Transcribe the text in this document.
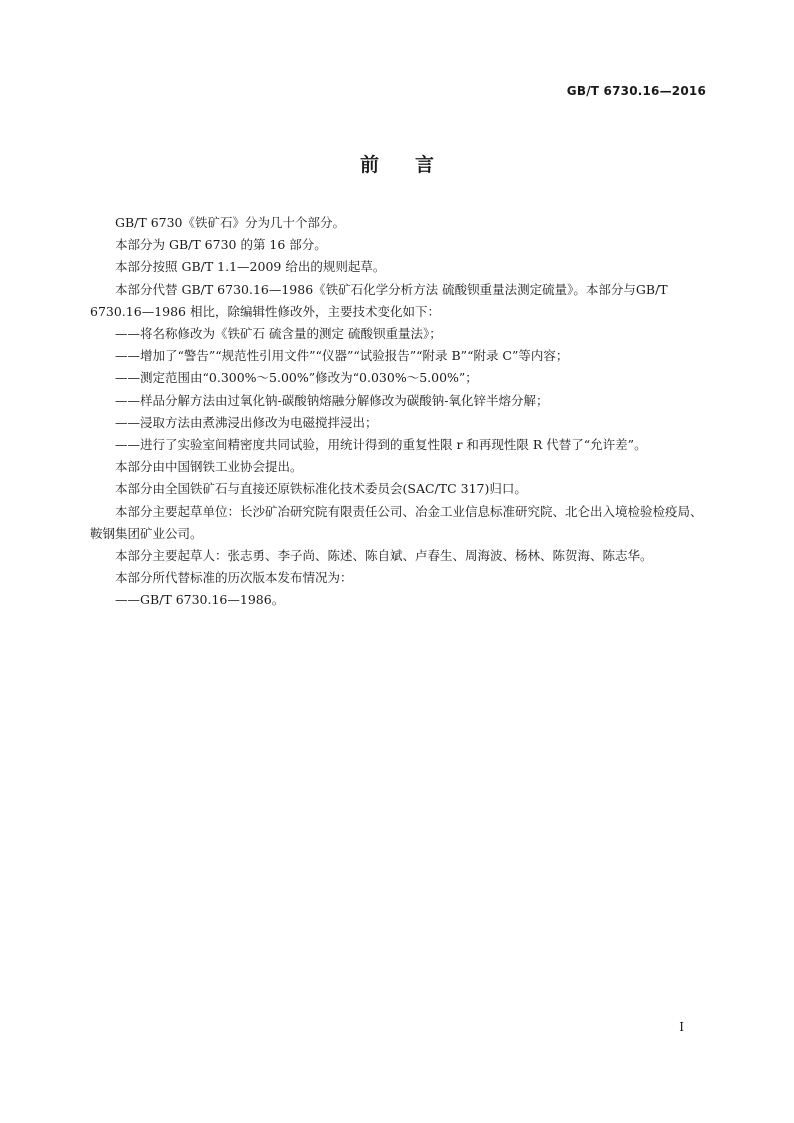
GB/T 6730.16—2016
前言

GB/T 6730《铁矿石》分为几十个部分。

本部分为 GB/T 6730 的第 16 部分。

本部分按照 GB/T 1.1—2009 给出的规则起草。

本部分代替 GB/T 6730.16—1986《铁矿石化学分析方法 硫酸钡重量法测定硫量》。本部分与GB/T 6730.16—1986 相比，除编辑性修改外，主要技术变化如下：

——将名称修改为《铁矿石 硫含量的测定 硫酸钡重量法》；

——增加了“警告”“规范性引用文件”“仪器”“试验报告”“附录 B”“附录 C”等内容；

——测定范围由“0.300%～5.00%”修改为“0.030%～5.00%”；

——样品分解方法由过氧化钠-碳酸钠熔融分解修改为碳酸钠-氧化锌半熔分解；

——浸取方法由煮沸浸出修改为电磁搅拌浸出；

——进行了实验室间精密度共同试验，用统计得到的重复性限 r 和再现性限 R 代替了“允许差”。

本部分由中国钢铁工业协会提出。

本部分由全国铁矿石与直接还原铁标准化技术委员会(SAC/TC 317)归口。

本部分主要起草单位：长沙矿冶研究院有限责任公司、冶金工业信息标准研究院、北仑出入境检验检疫局、鞍钢集团矿业公司。

本部分主要起草人：张志勇、李子尚、陈述、陈自斌、卢春生、周海波、杨林、陈贺海、陈志华。

本部分所代替标准的历次版本发布情况为：

——GB/T 6730.16—1986。

I
